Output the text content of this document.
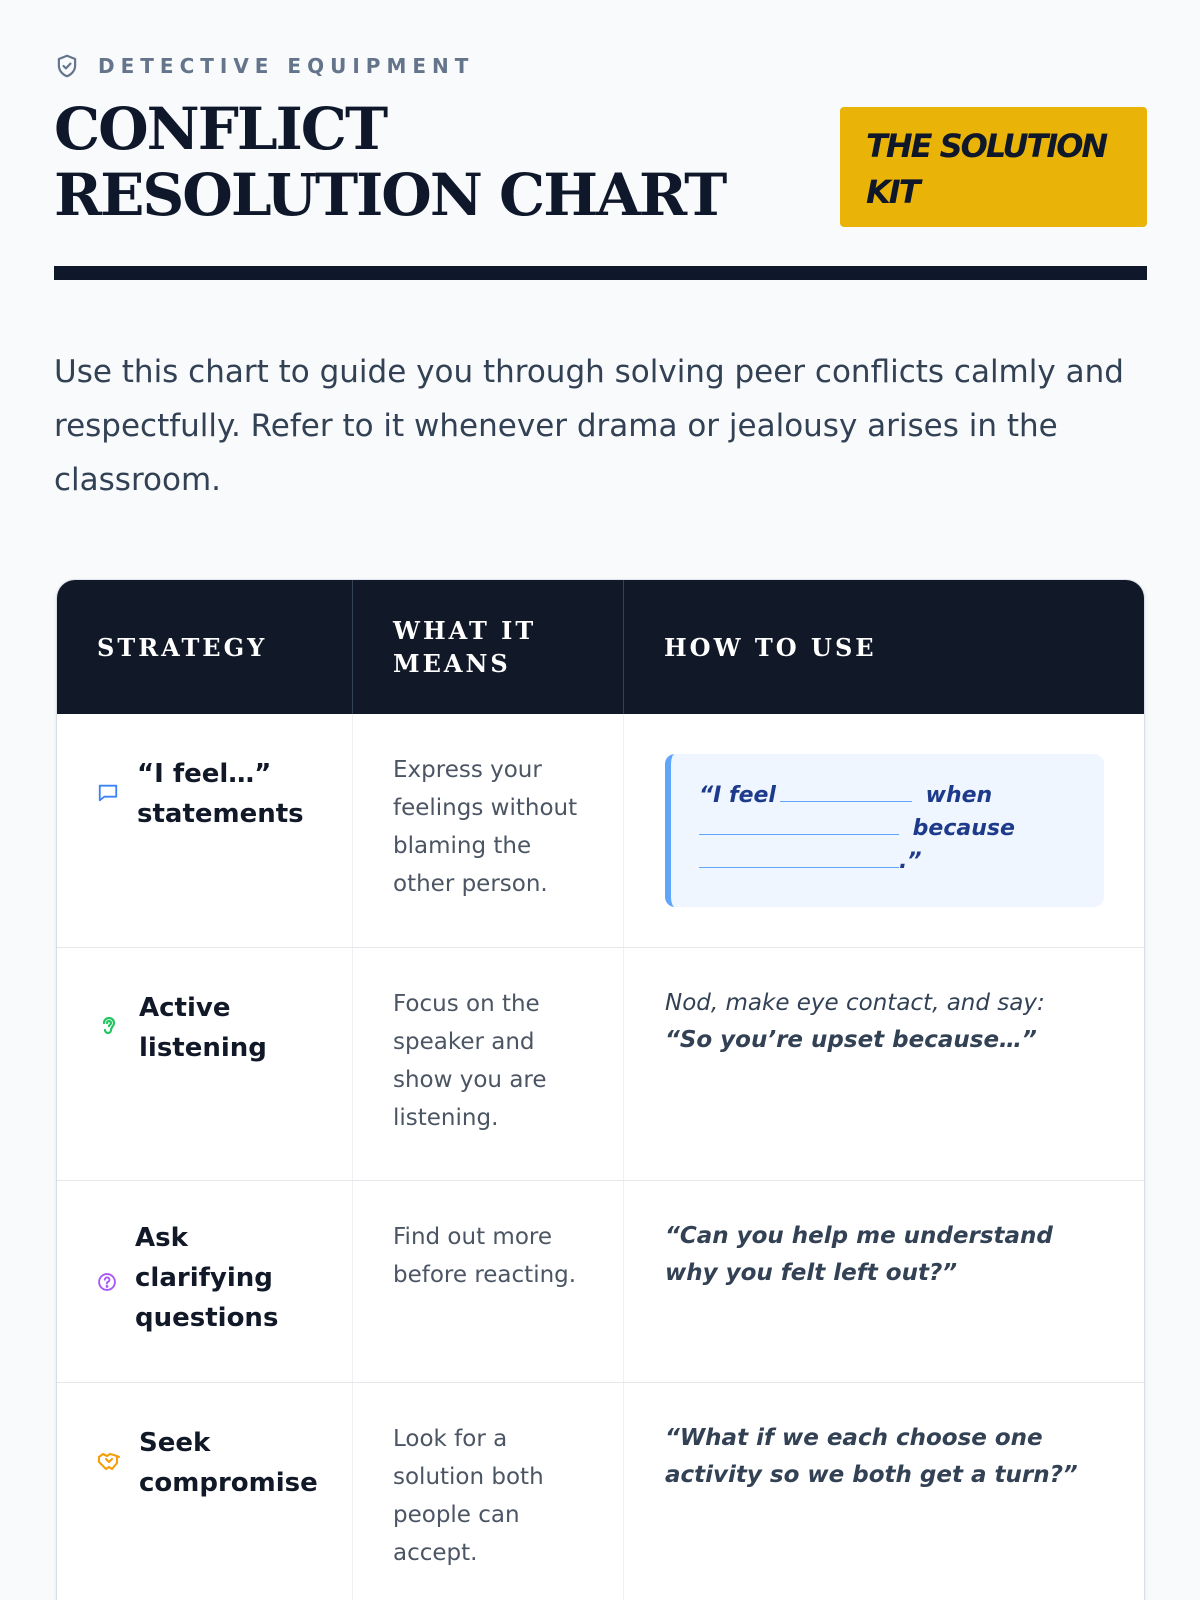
DETECTIVE EQUIPMENT
CONFLICT RESOLUTION CHART
THE SOLUTION KIT

Use this chart to guide you through solving peer conflicts calmly and respectfully. Refer to it whenever drama or jealousy arises in the classroom.

STRATEGY
WHAT IT MEANS
HOW TO USE
“I feel…” statements
Express your feelings without blaming the other person.
“I feel	when
because
.”
Active listening
Focus on the speaker and show you are listening.
Nod, make eye contact, and say:
“So you’re upset because…”
Ask clarifying questions
Find out more before reacting.
“Can you help me understand why you felt left out?”
Seek compromise
Look for a solution both people can accept.
“What if we each choose one activity so we both get a turn?”
